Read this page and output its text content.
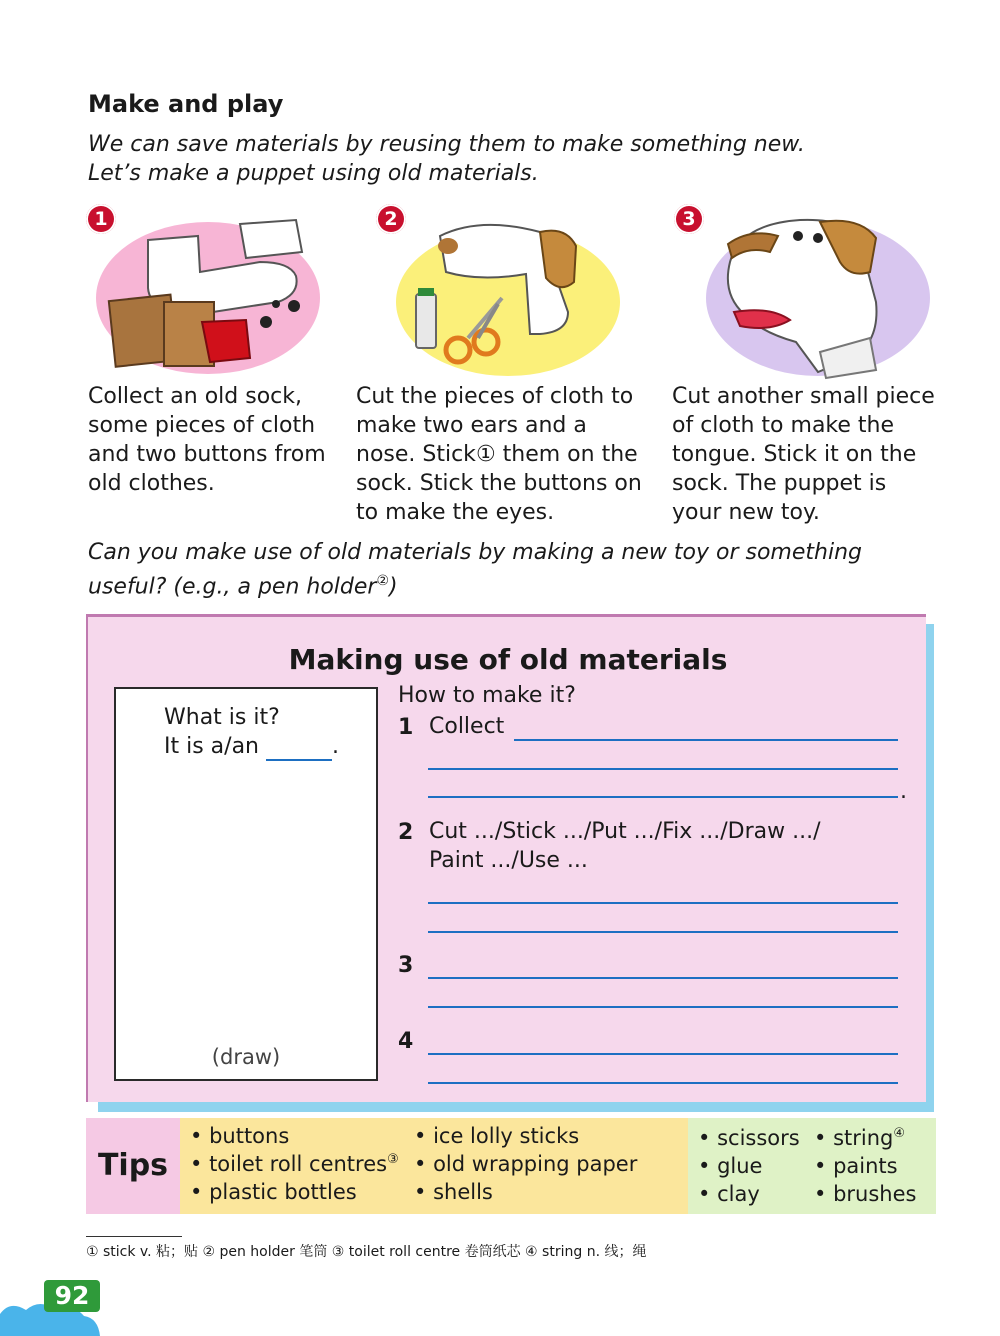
Make and play
We can save materials by reusing them to make something new.
Let’s make a puppet using old materials.
1	2	3
Collect an old sock,
some pieces of cloth
and two buttons from
old clothes.
Cut the pieces of cloth to
make two ears and a
nose. Stick① them on the
sock. Stick the buttons on
to make the eyes.
Cut another small piece
of cloth to make the
tongue. Stick it on the
sock. The puppet is
your new toy.
Can you make use of old materials by making a new toy or something
useful? (e.g., a pen holder②)
Making use of old materials
What is it?
It is a/an	.
(draw)
How to make it?
1 Collect
.
2 Cut .../Stick .../Put .../Fix .../Draw .../
Paint .../Use ...
3
4
Tips
• buttons
• toilet roll centres③
• plastic bottles
• ice lolly sticks
• old wrapping paper
• shells
• scissors
• glue
• clay
• string④
• paints
• brushes
① stick v. 粘；贴 ② pen holder 笔筒 ③ toilet roll centre 卷筒纸芯 ④ string n. 线；绳
92
